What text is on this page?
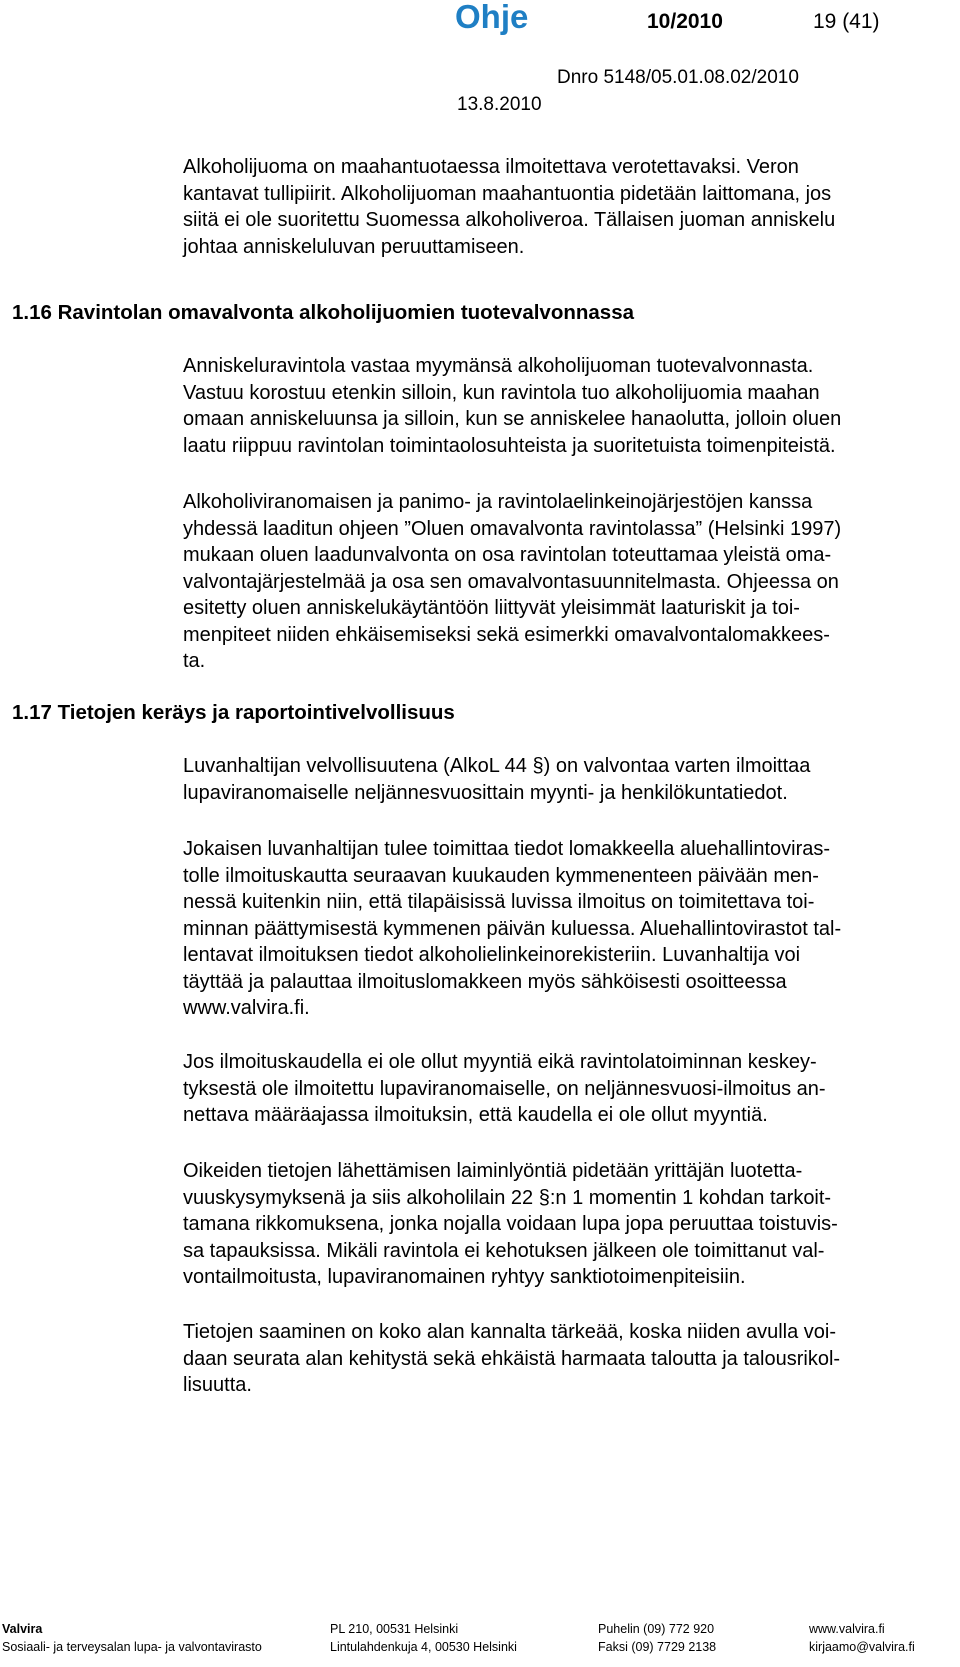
Ohje	10/2010	19 (41)
Dnro 5148/05.01.08.02/2010
13.8.2010
Alkoholijuoma on maahantuotaessa ilmoitettava verotettavaksi. Veron
kantavat tullipiirit. Alkoholijuoman maahantuontia pidetään laittomana, jos
siitä ei ole suoritettu Suomessa alkoholiveroa. Tällaisen juoman anniskelu
johtaa anniskeluluvan peruuttamiseen.
1.16 Ravintolan omavalvonta alkoholijuomien tuotevalvonnassa
Anniskeluravintola vastaa myymänsä alkoholijuoman tuotevalvonnasta.
Vastuu korostuu etenkin silloin, kun ravintola tuo alkoholijuomia maahan
omaan anniskeluunsa ja silloin, kun se anniskelee hanaolutta, jolloin oluen
laatu riippuu ravintolan toimintaolosuhteista ja suoritetuista toimenpiteistä.
Alkoholiviranomaisen ja panimo- ja ravintolaelinkeinojärjestöjen kanssa
yhdessä laaditun ohjeen ”Oluen omavalvonta ravintolassa” (Helsinki 1997)
mukaan oluen laadunvalvonta on osa ravintolan toteuttamaa yleistä oma-
valvontajärjestelmää ja osa sen omavalvontasuunnitelmasta. Ohjeessa on
esitetty oluen anniskelukäytäntöön liittyvät yleisimmät laaturiskit ja toi-
menpiteet niiden ehkäisemiseksi sekä esimerkki omavalvontalomakkees-
ta.
1.17 Tietojen keräys ja raportointivelvollisuus
Luvanhaltijan velvollisuutena (AlkoL 44 §) on valvontaa varten ilmoittaa
lupaviranomaiselle neljännesvuosittain myynti- ja henkilökuntatiedot.
Jokaisen luvanhaltijan tulee toimittaa tiedot lomakkeella aluehallintoviras-
tolle ilmoituskautta seuraavan kuukauden kymmenenteen päivään men-
nessä kuitenkin niin, että tilapäisissä luvissa ilmoitus on toimitettava toi-
minnan päättymisestä kymmenen päivän kuluessa. Aluehallintovirastot tal-
lentavat ilmoituksen tiedot alkoholielinkeinorekisteriin. Luvanhaltija voi
täyttää ja palauttaa ilmoituslomakkeen myös sähköisesti osoitteessa
www.valvira.fi.
Jos ilmoituskaudella ei ole ollut myyntiä eikä ravintolatoiminnan keskey-
tyksestä ole ilmoitettu lupaviranomaiselle, on neljännesvuosi-ilmoitus an-
nettava määräajassa ilmoituksin, että kaudella ei ole ollut myyntiä.
Oikeiden tietojen lähettämisen laiminlyöntiä pidetään yrittäjän luotetta-
vuuskysymyksenä ja siis alkoholilain 22 §:n 1 momentin 1 kohdan tarkoit-
tamana rikkomuksena, jonka nojalla voidaan lupa jopa peruuttaa toistuvis-
sa tapauksissa. Mikäli ravintola ei kehotuksen jälkeen ole toimittanut val-
vontailmoitusta, lupaviranomainen ryhtyy sanktiotoimenpiteisiin.
Tietojen saaminen on koko alan kannalta tärkeää, koska niiden avulla voi-
daan seurata alan kehitystä sekä ehkäistä harmaata taloutta ja talousrikol-
lisuutta.
Valvira
Sosiaali- ja terveysalan lupa- ja valvontavirasto
PL 210, 00531 Helsinki
Lintulahdenkuja 4, 00530 Helsinki
Puhelin (09) 772 920
Faksi (09) 7729 2138
www.valvira.fi
kirjaamo@valvira.fi
